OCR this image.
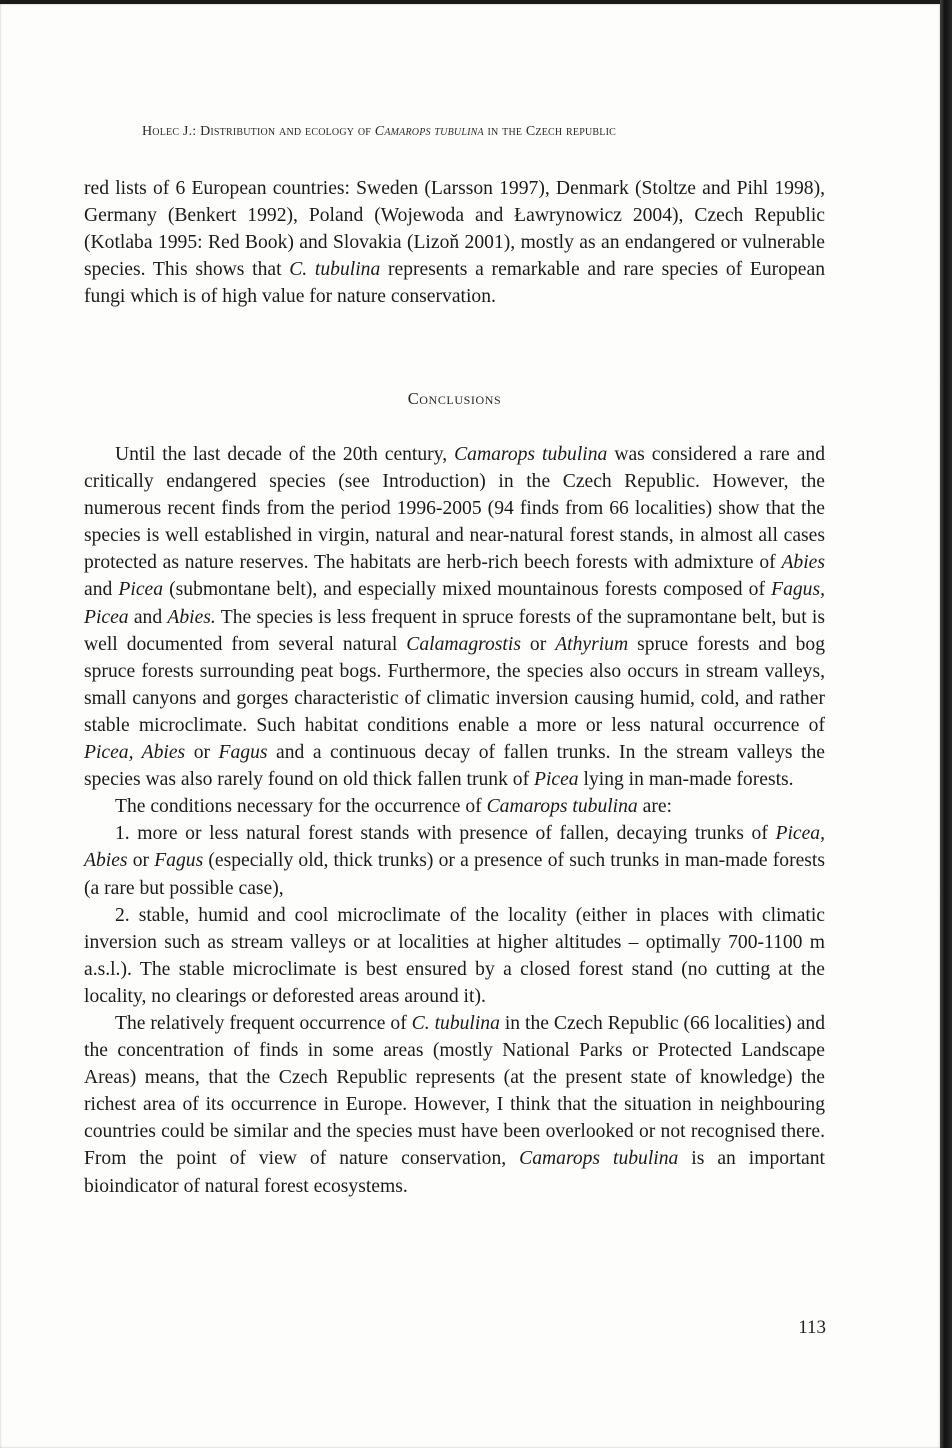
Holec J.: Distribution and ecology of Camarops tubulina in the Czech republic

red lists of 6 European countries: Sweden (Larsson 1997), Denmark (Stoltze and Pihl 1998), Germany (Benkert 1992), Poland (Wojewoda and Ławrynowicz 2004), Czech Republic (Kotlaba 1995: Red Book) and Slovakia (Lizoň 2001), mostly as an endangered or vulnerable species. This shows that C. tubulina represents a remarkable and rare species of European fungi which is of high value for nature conservation.

Conclusions

Until the last decade of the 20th century, Camarops tubulina was considered a rare and critically endangered species (see Introduction) in the Czech Republic. However, the numerous recent finds from the period 1996-2005 (94 finds from 66 localities) show that the species is well established in virgin, natural and near-natural forest stands, in almost all cases protected as nature reserves. The habitats are herb-rich beech forests with admixture of Abies and Picea (submontane belt), and especially mixed mountainous forests composed of Fagus, Picea and Abies. The species is less frequent in spruce forests of the supramontane belt, but is well documented from several natural Calamagrostis or Athyrium spruce forests and bog spruce forests surrounding peat bogs. Furthermore, the species also occurs in stream valleys, small canyons and gorges characteristic of climatic inversion causing humid, cold, and rather stable microclimate. Such habitat conditions enable a more or less natural occurrence of Picea, Abies or Fagus and a continuous decay of fallen trunks. In the stream valleys the species was also rarely found on old thick fallen trunk of Picea lying in man-made forests.

The conditions necessary for the occurrence of Camarops tubulina are:

1. more or less natural forest stands with presence of fallen, decaying trunks of Picea, Abies or Fagus (especially old, thick trunks) or a presence of such trunks in man-made forests (a rare but possible case),

2. stable, humid and cool microclimate of the locality (either in places with climatic inversion such as stream valleys or at localities at higher altitudes – optimally 700-1100 m a.s.l.). The stable microclimate is best ensured by a closed forest stand (no cutting at the locality, no clearings or deforested areas around it).

The relatively frequent occurrence of C. tubulina in the Czech Republic (66 localities) and the concentration of finds in some areas (mostly National Parks or Protected Landscape Areas) means, that the Czech Republic represents (at the present state of knowledge) the richest area of its occurrence in Europe. However, I think that the situation in neighbouring countries could be similar and the species must have been overlooked or not recognised there. From the point of view of nature conservation, Camarops tubulina is an important bioindicator of natural forest ecosystems.

113
